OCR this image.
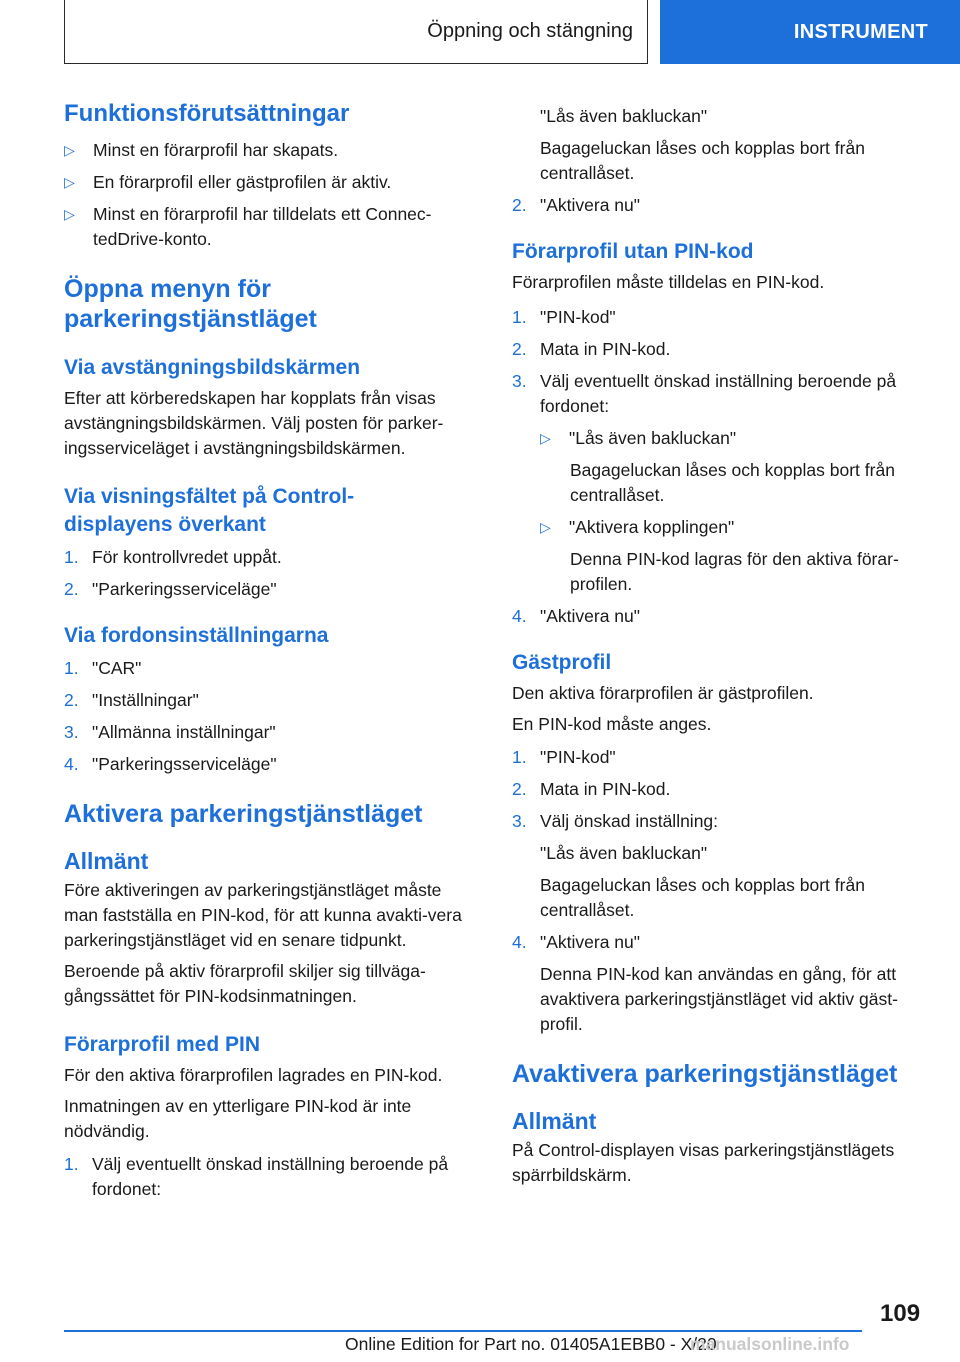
Öppning och stängning	INSTRUMENT
Funktionsförutsättningar
▷	Minst en förarprofil har skapats.
▷	En förarprofil eller gästprofilen är aktiv.
▷	Minst en förarprofil har tilldelats ett Connec‐
tedDrive-konto.
Öppna menyn för
parkeringstjänstläget
Via avstängningsbildskärmen

Efter att körberedskapen har kopplats från visas avstängningsbildskärmen. Välj posten för parker‐ingsserviceläget i avstängningsbildskärmen.

Via visningsfältet på Control‐
displayens överkant
1. För kontrollvredet uppåt.
2. "Parkeringsserviceläge"
Via fordonsinställningarna
1. "CAR"
2. "Inställningar"
3. "Allmänna inställningar"
4. "Parkeringsserviceläge"
Aktivera parkeringstjänstläget
Allmänt

Före aktiveringen av parkeringstjänstläget måste man fastställa en PIN-kod, för att kunna avakti‐vera parkeringstjänstläget vid en senare tidpunkt.

Beroende på aktiv förarprofil skiljer sig tillväga‐gångssättet för PIN-kodsinmatningen.

Förarprofil med PIN

För den aktiva förarprofilen lagrades en PIN-kod.

Inmatningen av en ytterligare PIN-kod är inte nödvändig.

1. Välj eventuellt önskad inställning beroende på fordonet:
"Lås även bakluckan"
Bagageluckan låses och kopplas bort från centrallåset.
2. "Aktivera nu"
Förarprofil utan PIN-kod

Förarprofilen måste tilldelas en PIN-kod.

1. "PIN-kod"
2. Mata in PIN-kod.
3. Välj eventuellt önskad inställning beroende på fordonet:
▷	"Lås även bakluckan"
Bagageluckan låses och kopplas bort från centrallåset.
▷	"Aktivera kopplingen"
Denna PIN-kod lagras för den aktiva förar‐profilen.
4. "Aktivera nu"
Gästprofil

Den aktiva förarprofilen är gästprofilen.

En PIN-kod måste anges.

1. "PIN-kod"
2. Mata in PIN-kod.
3. Välj önskad inställning:
"Lås även bakluckan"
Bagageluckan låses och kopplas bort från centrallåset.
4. "Aktivera nu"
Denna PIN-kod kan användas en gång, för att avaktivera parkeringstjänstläget vid aktiv gäst‐profil.
Avaktivera parkeringstjänstläget
Allmänt

På Control-displayen visas parkeringstjänstlägets spärrbildskärm.

109
Online Edition for Part no. 01405A1EBB0 - X/20
manualsonline.info
